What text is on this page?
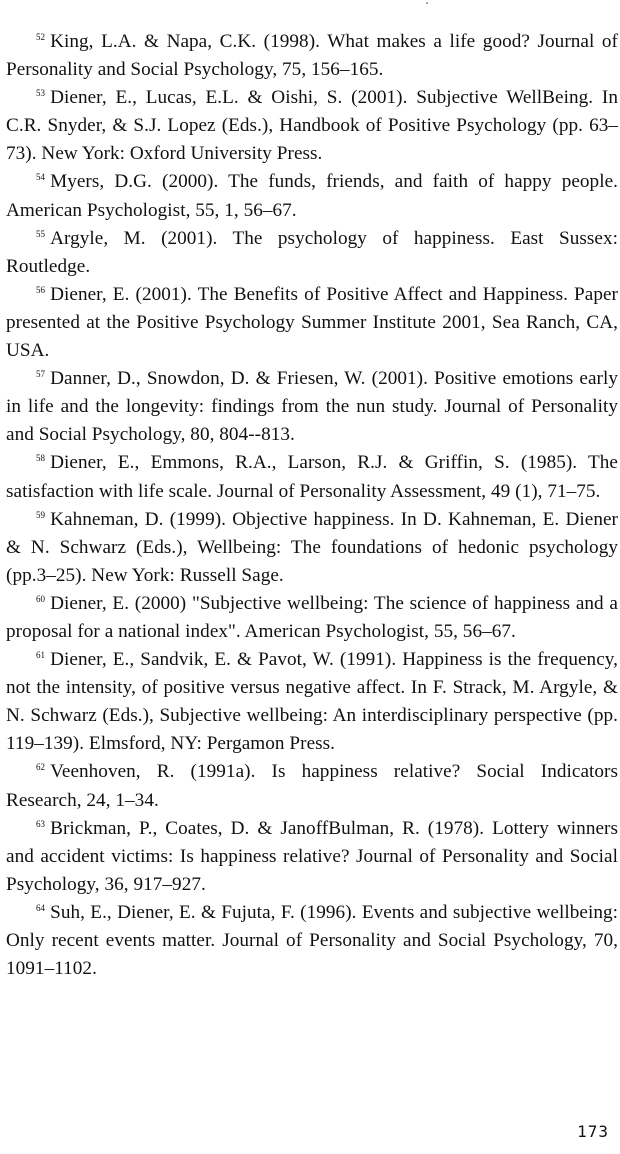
$^{52}$ King, L.A. & Napa, C.K. (1998). What makes a life good? Journal of Personality and Social Psychology, 75, 156–165.

$^{53}$ Diener, E., Lucas, E.L. & Oishi, S. (2001). Subjective WellBeing. In C.R. Snyder, & S.J. Lopez (Eds.), Handbook of Positive Psychology (pp. 63–73). New York: Oxford University Press.

$^{54}$ Myers, D.G. (2000). The funds, friends, and faith of happy people. American Psychologist, 55, 1, 56–67.

$^{55}$ Argyle, M. (2001). The psychology of happiness. East Sussex: Routledge.

$^{56}$ Diener, E. (2001). The Benefits of Positive Affect and Happiness. Paper presented at the Positive Psychology Summer Institute 2001, Sea Ranch, CA, USA.

$^{57}$ Danner, D., Snowdon, D. & Friesen, W. (2001). Positive emotions early in life and the longevity: findings from the nun study. Journal of Personality and Social Psychology, 80, 804--813.

$^{58}$ Diener, E., Emmons, R.A., Larson, R.J. & Griffin, S. (1985). The satisfaction with life scale. Journal of Personality Assessment, 49 (1), 71–75.

$^{59}$ Kahneman, D. (1999). Objective happiness. In D. Kahneman, E. Diener & N. Schwarz (Eds.), Wellbeing: The foundations of hedonic psychology (pp.3–25). New York: Russell Sage.

$^{60}$ Diener, E. (2000) "Subjective wellbeing: The science of happiness and a proposal for a national index". American Psychologist, 55, 56–67.

$^{61}$ Diener, E., Sandvik, E. & Pavot, W. (1991). Happiness is the frequency, not the intensity, of positive versus negative affect. In F. Strack, M. Argyle, & N. Schwarz (Eds.), Subjective wellbeing: An interdisciplinary perspective (pp. 119–139). Elmsford, NY: Pergamon Press.

$^{62}$ Veenhoven, R. (1991a). Is happiness relative? Social Indicators Research, 24, 1–34.

$^{63}$ Brickman, P., Coates, D. & JanoffBulman, R. (1978). Lottery winners and accident victims: Is happiness relative? Journal of Personality and Social Psychology, 36, 917–927.

$^{64}$ Suh, E., Diener, E. & Fujuta, F. (1996). Events and subjective wellbeing: Only recent events matter. Journal of Personality and Social Psychology, 70, 1091–1102.

173
